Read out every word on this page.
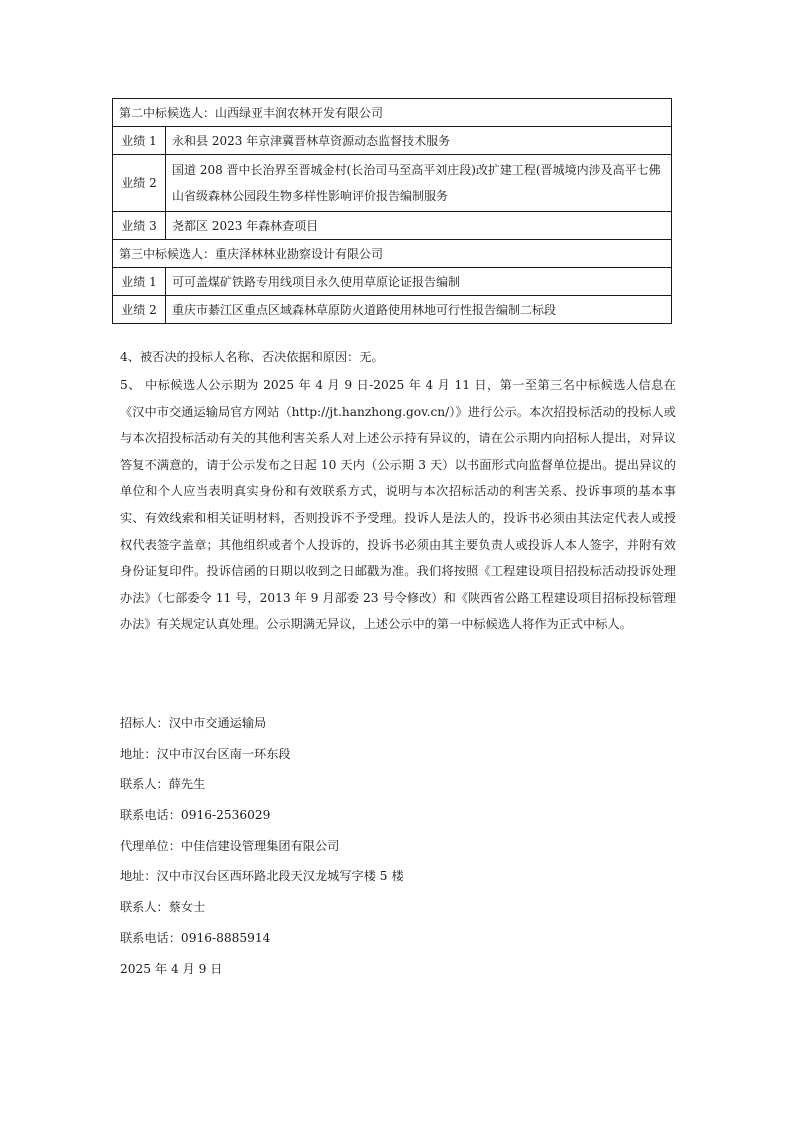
第二中标候选人：山西绿亚丰润农林开发有限公司	
业绩 1	永和县 2023 年京津冀晋林草资源动态监督技术服务
业绩 2	国道 208 晋中长治界至晋城金村(长治司马至高平刘庄段)改扩建工程(晋城境内涉及高平七佛山省级森林公园段生物多样性影响评价报告编制服务
业绩 3	尧都区 2023 年森林查项目
第三中标候选人：重庆泽林林业勘察设计有限公司	
业绩 1	可可盖煤矿铁路专用线项目永久使用草原论证报告编制
业绩 2	重庆市綦江区重点区域森林草原防火道路使用林地可行性报告编制二标段

4、被否决的投标人名称、否决依据和原因：无。

5、 中标候选人公示期为 2025 年 4 月 9 日-2025 年 4 月 11 日，第一至第三名中标候选人信息在《汉中市交通运输局官方网站（http://jt.hanzhong.gov.cn/）》进行公示。本次招投标活动的投标人或与本次招投标活动有关的其他利害关系人对上述公示持有异议的，请在公示期内向招标人提出，对异议答复不满意的，请于公示发布之日起 10 天内（公示期 3 天）以书面形式向监督单位提出。提出异议的单位和个人应当表明真实身份和有效联系方式，说明与本次招标活动的利害关系、投诉事项的基本事实、有效线索和相关证明材料，否则投诉不予受理。投诉人是法人的，投诉书必须由其法定代表人或授权代表签字盖章；其他组织或者个人投诉的，投诉书必须由其主要负责人或投诉人本人签字，并附有效身份证复印件。投诉信函的日期以收到之日邮戳为准。我们将按照《工程建设项目招投标活动投诉处理办法》（七部委令 11 号，2013 年 9 月部委 23 号令修改）和《陕西省公路工程建设项目招标投标管理办法》有关规定认真处理。公示期满无异议，上述公示中的第一中标候选人将作为正式中标人。

招标人：汉中市交通运输局
地址：汉中市汉台区南一环东段
联系人：薛先生
联系电话：0916-2536029
代理单位：中佳信建设管理集团有限公司
地址：汉中市汉台区西环路北段天汉龙城写字楼 5 楼
联系人：蔡女士
联系电话：0916-8885914
2025 年 4 月 9 日
